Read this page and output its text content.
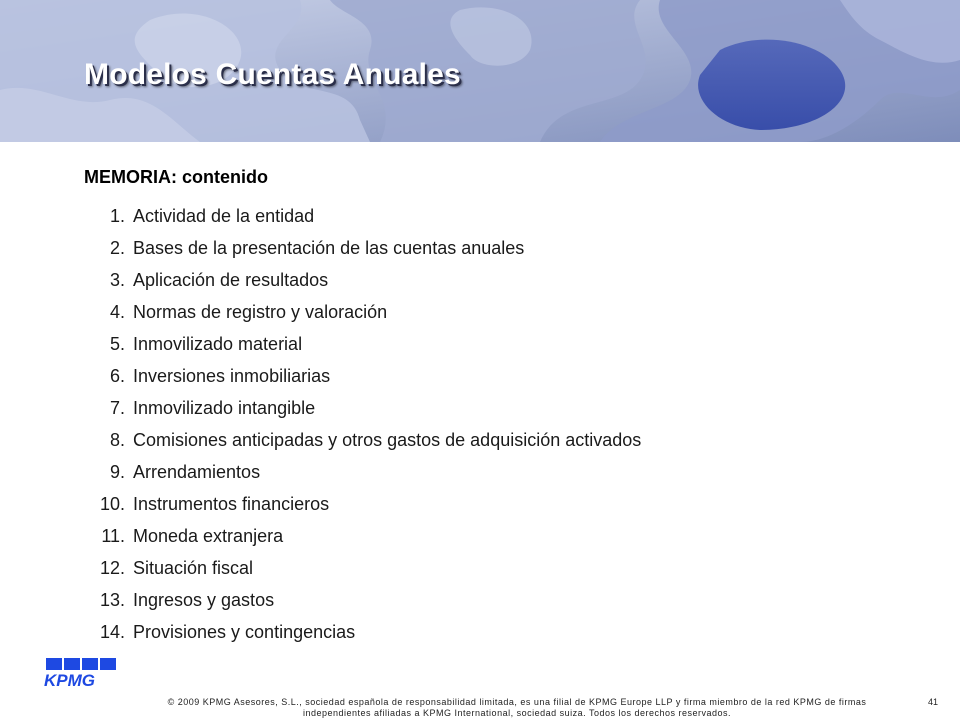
Modelos Cuentas Anuales
MEMORIA: contenido
1. Actividad de la entidad
2. Bases de la presentación de las cuentas anuales
3. Aplicación de resultados
4. Normas de registro y valoración
5. Inmovilizado material
6. Inversiones inmobiliarias
7. Inmovilizado intangible
8. Comisiones anticipadas y otros gastos de adquisición activados
9. Arrendamientos
10. Instrumentos financieros
11. Moneda extranjera
12. Situación fiscal
13. Ingresos y gastos
14. Provisiones y contingencias
KPMG
© 2009 KPMG Asesores, S.L., sociedad española de responsabilidad limitada, es una filial de KPMG Europe LLP y firma miembro de la red KPMG de firmas
independientes afiliadas a KPMG International, sociedad suiza. Todos los derechos reservados.
41
